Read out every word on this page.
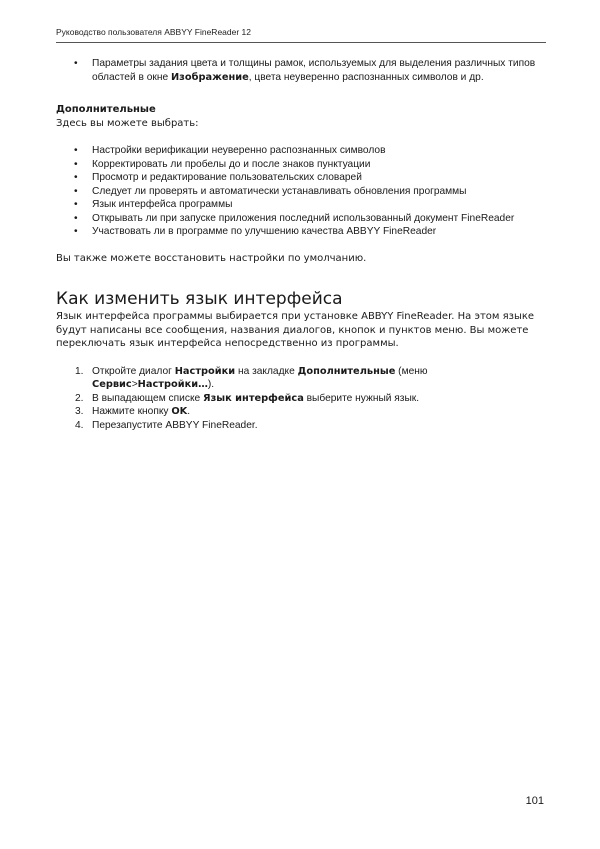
Руководство пользователя ABBYY FineReader 12
• Параметры задания цвета и толщины рамок, используемых для выделения различных типов областей в окне Изображение, цвета неуверенно распознанных символов и др.
Дополнительные

Здесь вы можете выбрать:

• Настройки верификации неуверенно распознанных символов
• Корректировать ли пробелы до и после знаков пунктуации
• Просмотр и редактирование пользовательских словарей
• Следует ли проверять и автоматически устанавливать обновления программы
• Язык интерфейса программы
• Открывать ли при запуске приложения последний использованный документ FineReader
• Участвовать ли в программе по улучшению качества ABBYY FineReader

Вы также можете восстановить настройки по умолчанию.

Как изменить язык интерфейса

Язык интерфейса программы выбирается при установке ABBYY FineReader. На этом языке будут написаны все сообщения, названия диалогов, кнопок и пунктов меню. Вы можете переключать язык интерфейса непосредственно из программы.

1. Откройте диалог Настройки на закладке Дополнительные (меню Сервис>Настройки…).
2. В выпадающем списке Язык интерфейса выберите нужный язык.
3. Нажмите кнопку OK.
4. Перезапустите ABBYY FineReader.
101
